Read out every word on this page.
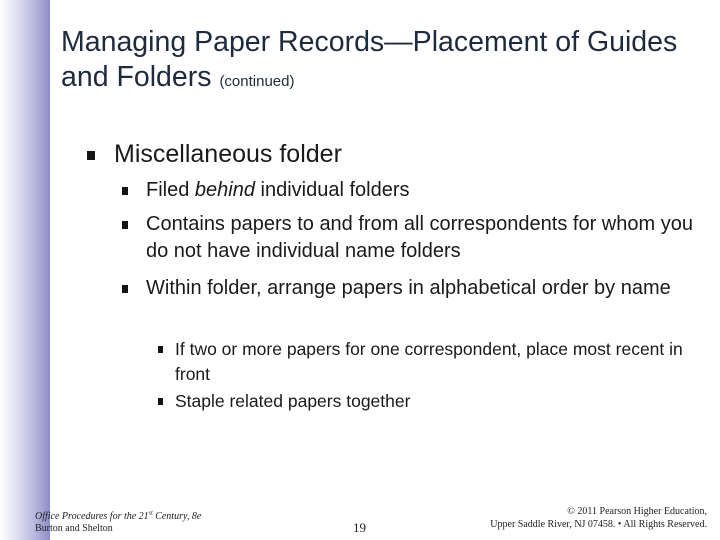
Managing Paper Records—Placement of Guides and Folders (continued)
Miscellaneous folder
Filed behind individual folders
Contains papers to and from all correspondents for whom you do not have individual name folders
Within folder, arrange papers in alphabetical order by name
If two or more papers for one correspondent, place most recent in front
Staple related papers together
Office Procedures for the 21st Century, 8e
Burton and Shelton	19
© 2011 Pearson Higher Education,
Upper Saddle River, NJ 07458. • All Rights Reserved.
